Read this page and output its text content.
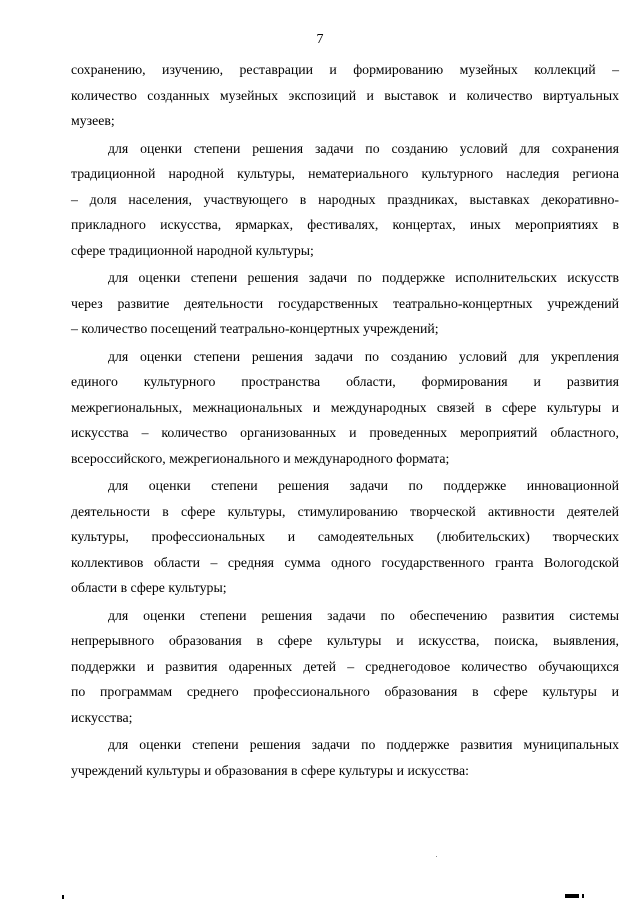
7

сохранению, изучению, реставрации и формированию музейных коллекций –
количество созданных музейных экспозиций и выставок и количество виртуальных
музеев;

для оценки степени решения задачи по созданию условий для сохранения
традиционной народной культуры, нематериального культурного наследия региона
– доля населения, участвующего в народных праздниках, выставках декоративно-
прикладного искусства, ярмарках, фестивалях, концертах, иных мероприятиях в
сфере традиционной народной культуры;

для оценки степени решения задачи по поддержке исполнительских искусств
через развитие деятельности государственных театрально-концертных учреждений
– количество посещений театрально-концертных учреждений;

для оценки степени решения задачи по созданию условий для укрепления
единого культурного пространства области, формирования и развития
межрегиональных, межнациональных и международных связей в сфере культуры и
искусства – количество организованных и проведенных мероприятий областного,
всероссийского, межрегионального и международного формата;

для оценки степени решения задачи по поддержке инновационной
деятельности в сфере культуры, стимулированию творческой активности деятелей
культуры, профессиональных и самодеятельных (любительских) творческих
коллективов области – средняя сумма одного государственного гранта Вологодской
области в сфере культуры;

для оценки степени решения задачи по обеспечению развития системы
непрерывного образования в сфере культуры и искусства, поиска, выявления,
поддержки и развития одаренных детей – среднегодовое количество обучающихся
по программам среднего профессионального образования в сфере культуры и
искусства;

для оценки степени решения задачи по поддержке развития муниципальных
учреждений культуры и образования в сфере культуры и искусства:
